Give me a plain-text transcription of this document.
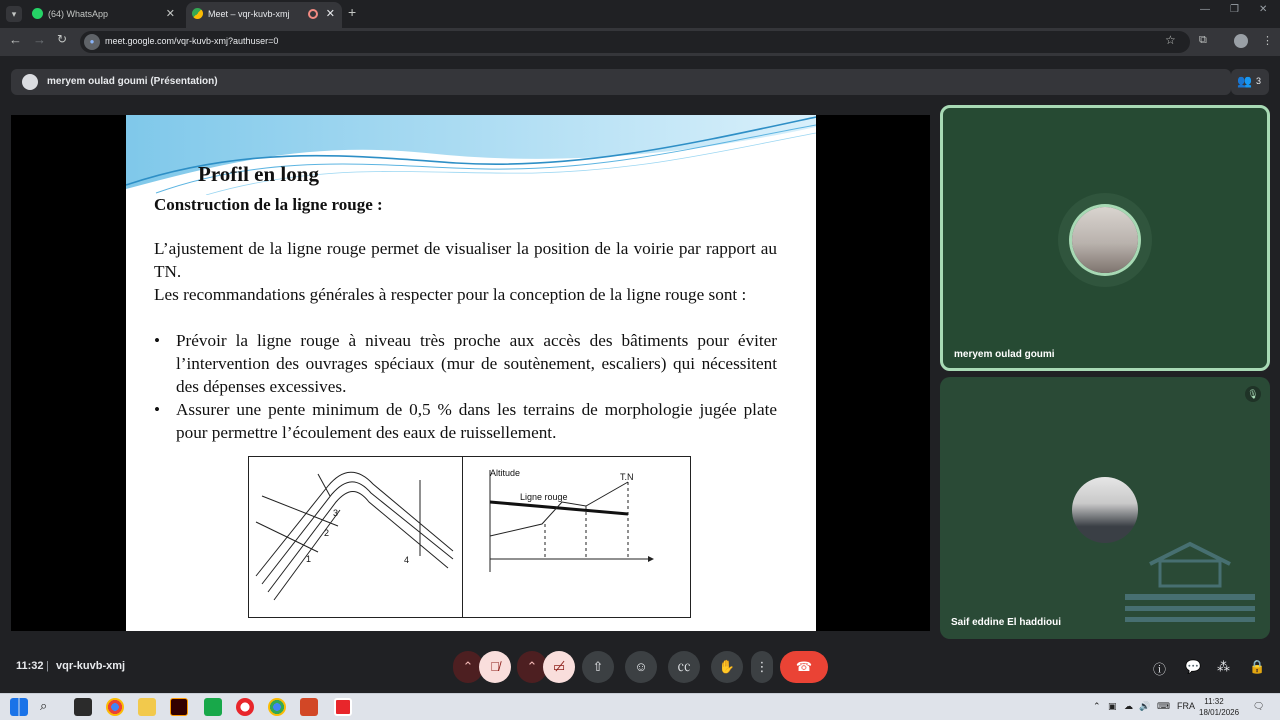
▾	(64) WhatsApp	✕	Meet – vqr-kuvb-xmj	✕ +	— ❐ ✕
← → ↻	●	meet.google.com/vqr-kuvb-xmj?authuser=0	☆ ⧉	⋮
meryem oulad goumi (Présentation)	👥 3
Profil en long
Construction de la ligne rouge :
L’ajustement de la ligne rouge permet de visualiser la position de la voirie par rapport au TN.
Les recommandations générales à respecter pour la conception de la ligne rouge sont :
• Prévoir la ligne rouge à niveau très proche aux accès des bâtiments pour éviter l’intervention des ouvrages spéciaux (mur de soutènement, escaliers) qui nécessitent des dépenses excessives.
• Assurer une pente minimum de 0,5 % dans les terrains de morphologie jugée plate pour permettre l’écoulement des eaux de ruissellement.
1
2
3
4
Altitude
Ligne rouge
T.N
meryem oulad goumi
🎙
Saif eddine El haddioui
11:32 | vqr-kuvb-xmj	⌃	🎙̸	⌃	▭̸	⇧	☺	㏄	✋	⋮	☎	ⓘ 💬 ⁂ 🔒
⌕	⌃ ▣ ☁ 🔊 ⌨ FRA	11:32
18/01/2026
🗨
